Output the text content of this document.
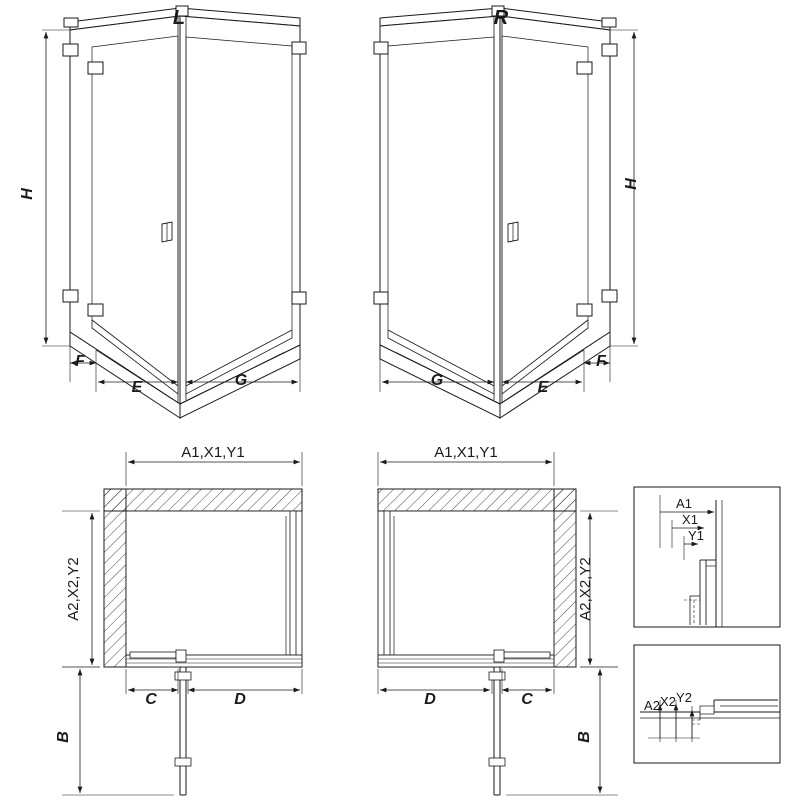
L	R
H
H
F
E	G
F
E
G
A1,X1,Y1	A1,X1,Y1
A2,X2,Y2	A2,X2,Y2
C	D	D	C
B	B
A1
X1
Y1
A2 X2 Y2
